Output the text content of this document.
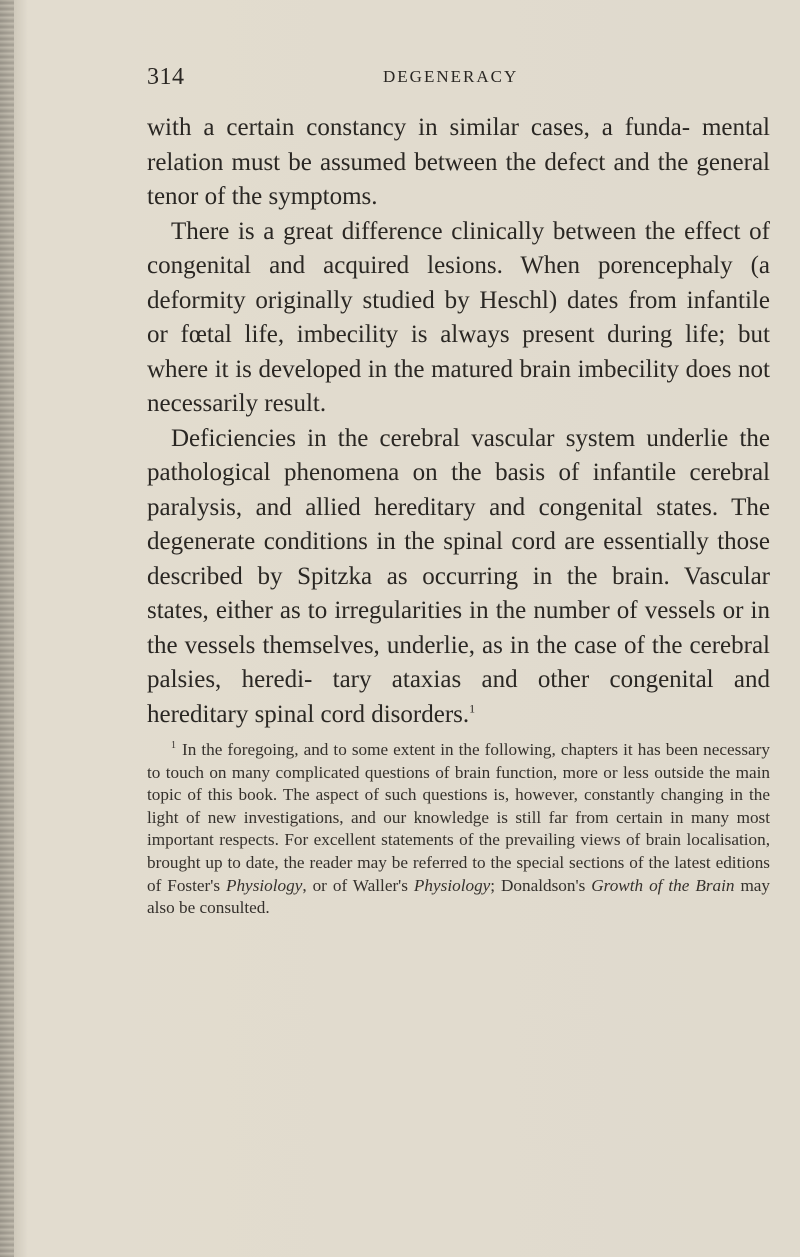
314	DEGENERACY

with a certain constancy in similar cases, a funda- mental relation must be assumed between the defect and the general tenor of the symptoms.

There is a great difference clinically between the effect of congenital and acquired lesions. When porencephaly (a deformity originally studied by Heschl) dates from infantile or fœtal life, imbecility is always present during life; but where it is developed in the matured brain imbecility does not necessarily result.

Deficiencies in the cerebral vascular system underlie the pathological phenomena on the basis of infantile cerebral paralysis, and allied hereditary and congenital states. The degenerate conditions in the spinal cord are essentially those described by Spitzka as occurring in the brain. Vascular states, either as to irregularities in the number of vessels or in the vessels themselves, underlie, as in the case of the cerebral palsies, heredi- tary ataxias and other congenital and hereditary spinal cord disorders.$^1$

$^1$ In the foregoing, and to some extent in the following, chapters it has been necessary to touch on many complicated questions of brain function, more or less outside the main topic of this book. The aspect of such questions is, however, constantly changing in the light of new investigations, and our knowledge is still far from certain in many most important respects. For excellent statements of the prevailing views of brain localisation, brought up to date, the reader may be referred to the special sections of the latest editions of Foster's Physiology, or of Waller's Physiology; Donaldson's Growth of the Brain may also be consulted.
